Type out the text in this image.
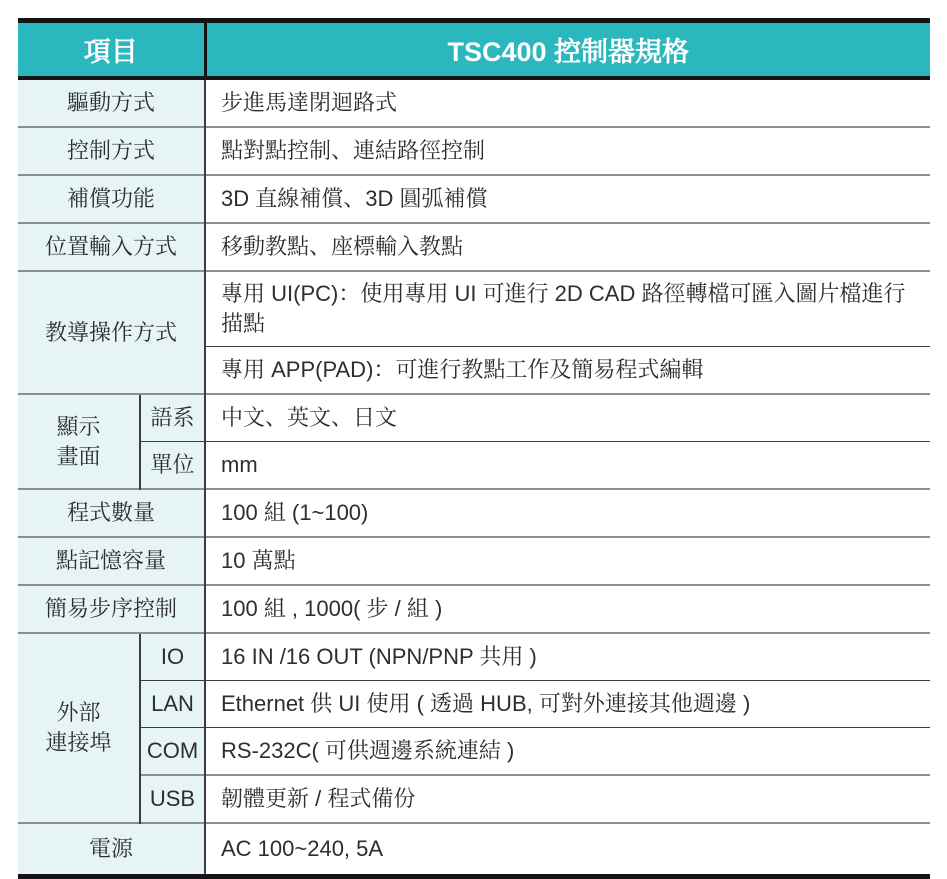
項目		TSC400 控制器規格
驅動方式		步進馬達閉迴路式
控制方式		點對點控制、連結路徑控制
補償功能		3D 直線補償、3D 圓弧補償
位置輸入方式		移動教點、座標輸入教點
教導操作方式		專用 UI(PC)：使用專用 UI 可進行 2D CAD 路徑轉檔可匯入圖片檔進行描點
		專用 APP(PAD)：可進行教點工作及簡易程式編輯

顯示
畫面	語系	中文、英文、日文
	單位	mm
程式數量		100 組 (1~100)
點記憶容量		10 萬點
簡易步序控制		100 組 , 1000( 步 / 組 )

外部
連接埠	IO	16 IN /16 OUT (NPN/PNP 共用 )
	LAN	Ethernet 供 UI 使用 ( 透過 HUB, 可對外連接其他週邊 )
	COM	RS-232C( 可供週邊系統連結 )
	USB	韌體更新 / 程式備份
電源		AC 100~240, 5A
